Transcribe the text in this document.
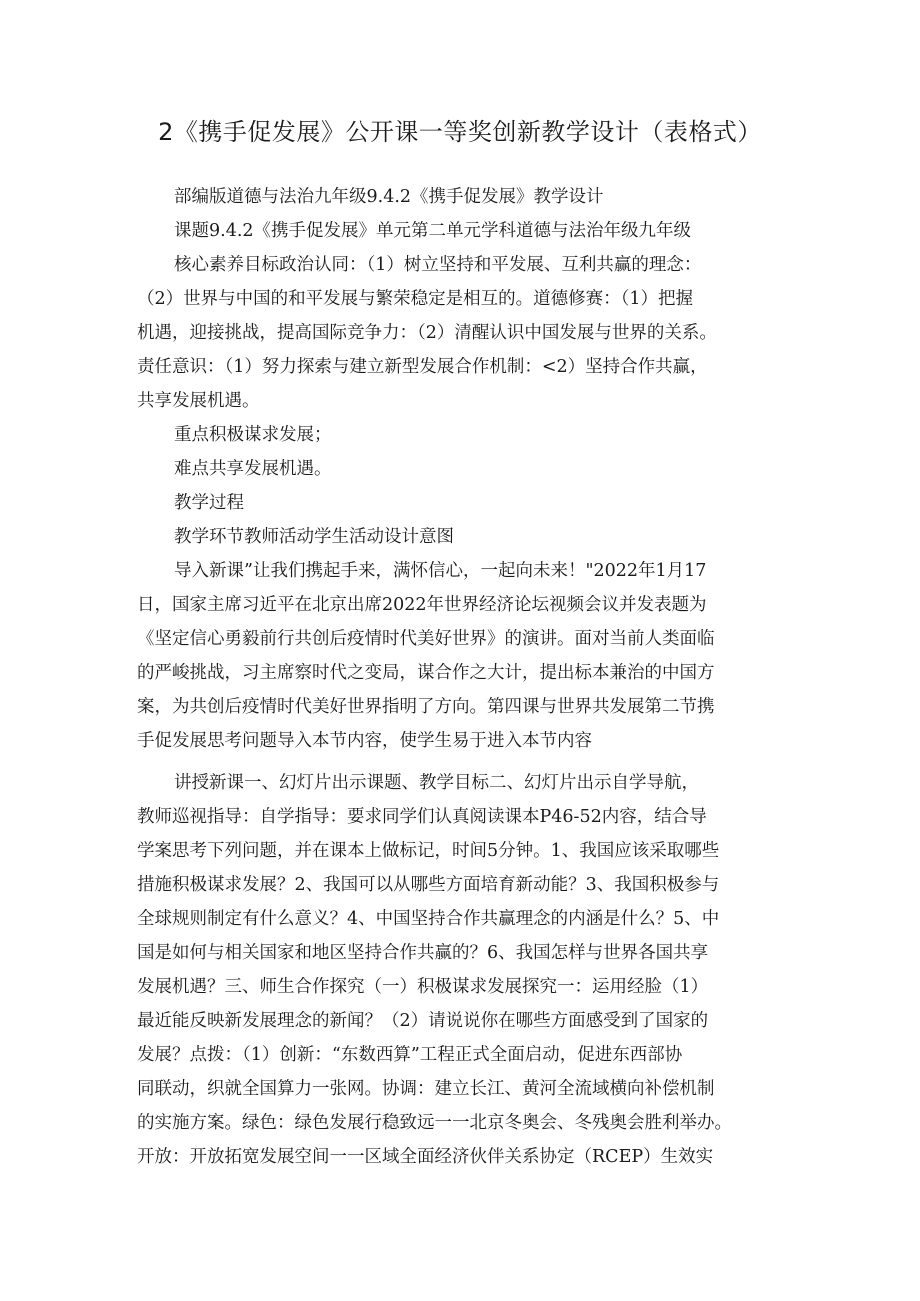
2《携手促发展》公开课一等奖创新教学设计（表格式）
部编版道德与法治九年级9.4.2《携手促发展》教学设计
课题9.4.2《携手促发展》单元第二单元学科道德与法治年级九年级
核心素养目标政治认同：（1）树立坚持和平发展、互利共赢的理念：
（2）世界与中国的和平发展与繁荣稳定是相互的。道德修赛：（1）把握
机遇，迎接挑战，提高国际竞争力：（2）清醒认识中国发展与世界的关系。
责任意识：（1）努力探索与建立新型发展合作机制：<2）坚持合作共赢，
共享发展机遇。
重点积极谋求发展；
难点共享发展机遇。
教学过程
教学环节教师活动学生活动设计意图
导入新课”让我们携起手来，满怀信心，一起向未来！"2022年1月17
日，国家主席习近平在北京出席2022年世界经济论坛视频会议并发表题为
《坚定信心勇毅前行共创后疫情时代美好世界》的演讲。面对当前人类面临
的严峻挑战，习主席察时代之变局，谋合作之大计，提出标本兼治的中国方
案，为共创后疫情时代美好世界指明了方向。第四课与世界共发展第二节携
手促发展思考问题导入本节内容，使学生易于进入本节内容
讲授新课一、幻灯片出示课题、教学目标二、幻灯片出示自学导航，
教师巡视指导：自学指导：要求同学们认真阅读课本P46-52内容，结合导
学案思考下列问题，并在课本上做标记，时间5分钟。1、我国应该采取哪些
措施积极谋求发展？2、我国可以从哪些方面培育新动能？3、我国积极参与
全球规则制定有什么意义？4、中国坚持合作共赢理念的内涵是什么？5、中
国是如何与相关国家和地区坚持合作共赢的？6、我国怎样与世界各国共享
发展机遇？三、师生合作探究（一）积极谋求发展探究一：运用经脸（1）
最近能反映新发展理念的新闻？（2）请说说你在哪些方面感受到了国家的
发展？点拨：（1）创新：“东数西算”工程正式全面启动，促进东西部协
同联动，织就全国算力一张网。协调：建立长江、黄河全流域横向补偿机制
的实施方案。绿色：绿色发展行稳致远一一北京冬奥会、冬残奥会胜利举办。
开放：开放拓宽发展空间一一区域全面经济伙伴关系协定（RCEP）生效实
